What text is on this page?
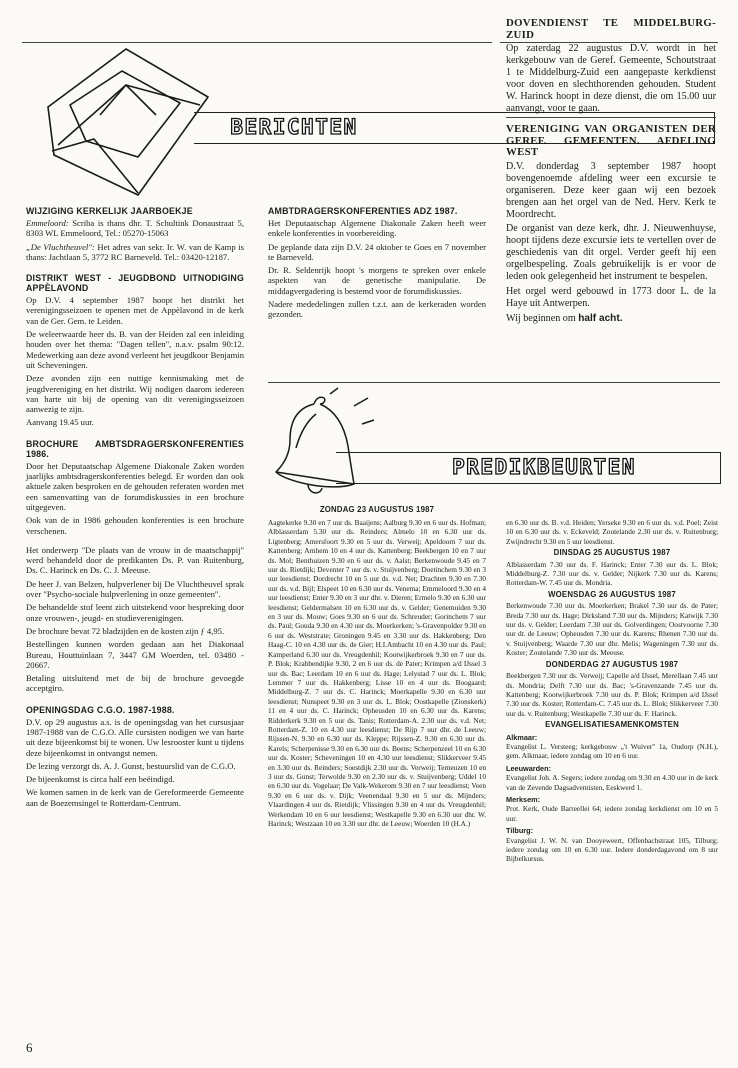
BERICHTEN
WIJZIGING KERKELIJK JAARBOEKJE

Emmeloord: Scriba is thans dhr. T. Schultink Donaustraat 5, 8303 WL Emmeloord, Tel.: 05270-15063

„De Vluchtheuvel": Het adres van sekr. Ir. W. van de Kamp is thans: Jachtlaan 5, 3772 RC Barneveld. Tel.: 03420-12187.

DISTRIKT WEST - JEUGDBOND UITNODIGING APPÈLAVOND

Op D.V. 4 september 1987 hoopt het distrikt het verenigingsseizoen te openen met de Appèlavond in de kerk van de Ger. Gem. te Leiden.

De weleerwaarde heer ds. B. van der Heiden zal een inleiding houden over het thema: "Dagen tellen", n.a.v. psalm 90:12. Medewerking aan deze avond verleent het jeugdkoor Benjamin uit Scheveningen.

Deze avonden zijn een nuttige kennismaking met de jeugdvereniging en het distrikt. Wij nodigen daarom iedereen van harte uit bij de opening van dit verenigingsseizoen aanwezig te zijn.

Aanvang 19.45 uur.

BROCHURE AMBTSDRAGERSKONFERENTIES 1986.

Door het Deputaatschap Algemene Diakonale Zaken worden jaarlijks ambtsdragerskonferenties belegd. Er worden dan ook aktuele zaken besproken en de gehouden referaten worden met een samenvatting van de forumdiskussies in een brochure uitgegeven.

Ook van de in 1986 gehouden konferenties is een brochure verschenen.

Het onderwerp "De plaats van de vrouw in de maatschappij" werd behandeld door de predikanten Ds. P. van Ruitenburg, Ds. C. Harinck en Ds. C. J. Meeuse.

De heer J. van Belzen, hulpverlener bij De Vluchtheuvel sprak over "Psycho-sociale hulpverlening in onze gemeenten".

De behandelde stof leent zich uitstekend voor bespreking door onze vrouwen-, jeugd- en studieverenigingen.

De brochure bevat 72 bladzijden en de kosten zijn ƒ 4,95.

Bestellingen kunnen worden gedaan aan het Diakonaal Bureau, Houttuinlaan 7, 3447 GM Woerden, tel. 03480 - 20667.

Betaling uitsluitend met de bij de brochure gevoegde acceptgiro.

OPENINGSDAG C.G.O. 1987-1988.

D.V. op 29 augustus a.s. is de openingsdag van het cursusjaar 1987-1988 van de C.G.O. Alle cursisten nodigen we van harte uit deze bijeenkomst bij te wonen. Uw lesrooster kunt u tijdens deze bijeenkomst in ontvangst nemen.

De lezing verzorgt ds. A. J. Gunst, bestuurslid van de C.G.O.

De bijeenkomst is circa half een beëindigd.

We komen samen in de kerk van de Gereformeerde Gemeente aan de Boezemsingel te Rotterdam-Centrum.

AMBTDRAGERSKONFERENTIES ADZ 1987.

Het Deputaatschap Algemene Diakonale Zaken heeft weer enkele konferenties in voorbereiding.

De geplande data zijn D.V. 24 oktober te Goes en 7 november te Barneveld.

Dr. R. Seldenrijk hoopt 's morgens te spreken over enkele aspekten van de genetische manipulatie. De middagvergadering is bestemd voor de forumdiskussies.

Nadere mededelingen zullen t.z.t. aan de kerkeraden worden gezonden.

DOVENDIENST TE MIDDELBURG-ZUID

Op zaterdag 22 augustus D.V. wordt in het kerkgebouw van de Geref. Gemeente, Schoutstraat 1 te Middelburg-Zuid een aangepaste kerkdienst voor doven en slechthorenden gehouden. Student W. Harinck hoopt in deze dienst, die om 15.00 uur aanvangt, voor te gaan.

VERENIGING VAN ORGANISTEN DER GEREF. GEMEENTEN. AFDELING WEST

D.V. donderdag 3 september 1987 hoopt bovengenoemde afdeling weer een excursie te organiseren. Deze keer gaan wij een bezoek brengen aan het orgel van de Ned. Herv. Kerk te Moordrecht.

De organist van deze kerk, dhr. J. Nieuwenhuyse, hoopt tijdens deze excursie iets te vertellen over de geschiedenis van dit orgel. Verder geeft hij een orgelbespeling. Zoals gebruikelijk is er voor de leden ook gelegenheid het instrument te bespelen.

Het orgel werd gebouwd in 1773 door L. de la Haye uit Antwerpen.

Wij beginnen om half acht.

PREDIKBEURTEN
ZONDAG 23 AUGUSTUS 1987

Aagtekerke 9.30 en 7 uur ds. Baaijens; Aalburg 9.30 en 6 uur ds. Hofman; Alblasserdam 5.30 uur ds. Reinders; Almelo 10 en 6.30 uur ds. Ligtenberg; Amersfoort 9.30 en 5 uur ds. Verweij; Apeldoorn 7 uur ds. Kattenberg; Arnhem 10 en 4 uur ds. Kattenberg; Beekbergen 10 en 7 uur ds. Mol; Benthuizen 9.30 en 6 uur ds. v. Aalst; Berkenwoude 9.45 en 7 uur ds. Rietdijk; Deventer 7 uur ds. v. Stuijvenberg; Doetinchem 9.30 en 3 uur leesdienst; Dordrecht 10 en 5 uur ds. v.d. Net; Drachten 9.30 en 7.30 uur ds. v.d. Bijl; Elspeet 10 en 6.30 uur ds. Venema; Emmeloord 9.30 en 4 uur leesdienst; Enter 9.30 en 3 uur dhr. v. Dieren; Ermelo 9.30 en 6.30 uur leesdienst; Geldermalsen 10 en 6.30 uur ds. v. Gelder; Genemuiden 9.30 en 3 uur ds. Mouw; Goes 9.30 en 6 uur ds. Schreuder; Gorinchem 7 uur ds. Paul; Gouda 9.30 en 4.30 uur ds. Moerkerken; 's-Gravenpolder 9.30 en 6 uur ds. Weststrate; Groningen 9.45 en 3.30 uur ds. Hakkenberg; Den Haag-C. 10 en 4.30 uur ds. de Gier; H.I.Ambacht 10 en 4.30 uur ds. Paul; Kamperland 6.30 uur ds. Vreugdenhil; Kootwijkerbroek 9.30 en 7 uur ds. P. Blok; Krabbendijke 9.30, 2 en 6 uur ds. de Pater; Krimpen a/d IJssel 3 uur ds. Bac; Leerdam 10 en 6 uur ds. Hage; Lelystad 7 uur ds. L. Blok; Lemmer 7 uur ds. Hakkenberg; Lisse 10 en 4 uur ds. Boogaard; Middelburg-Z. 7 uur ds. C. Harinck; Moerkapelle 9.30 en 6.30 uur leesdienst; Nunspeet 9.30 en 3 uur ds. L. Blok; Oostkapelle (Zionskerk) 11 en 4 uur ds. C. Harinck; Opheusden 10 en 6.30 uur ds. Karens; Ridderkerk 9.30 en 5 uur ds. Tanis; Rotterdam-A. 2.30 uur ds. v.d. Net; Rotterdam-Z. 10 en 4.30 uur leesdienst; De Rijp 7 uur dhr. de Leeuw; Rijssen-N. 9.30 en 6.30 uur ds. Kleppe; Rijssen-Z. 9.30 en 6.30 uur ds. Karels; Scherpenisse 9.30 en 6.30 uur ds. Beens; Scherpenzeel 10 en 6.30 uur ds. Koster; Scheveningen 10 en 4.30 uur leesdienst; Slikkerveer 9.45 en 3.30 uur ds. Reinders; Soestdijk 2.30 uur ds. Verweij; Terneuzen 10 en 3 uur ds. Gunst; Terwolde 9.30 en 2.30 uur ds. v. Stuijvenberg; Uddel 10 en 6.30 uur ds. Vogelaar; De Valk-Wekerom 9.30 en 7 uur leesdienst; Veen 9.30 en 6 uur ds. v. Dijk; Veenendaal 9.30 en 5 uur ds. Mijnders; Vlaardingen 4 uur ds. Rietdijk; Vlissingen 9.30 en 4 uur ds. Vreugdenhil; Werkendam 10 en 6 uur leesdienst; Westkapelle 9.30 en 6.30 uur dhr. W. Harinck; Westzaan 10 en 3.30 uur dhr. de Leeuw; Woerden 10 (H.A.)

en 6.30 uur ds. B. v.d. Heiden; Yerseke 9.30 en 6 uur ds. v.d. Poel; Zeist 10 en 6.30 uur ds. v. Eckeveld; Zoutelande 2.30 uur ds. v. Ruitenburg; Zwijndrecht 9.30 en 5 uur leesdienst.

DINSDAG 25 AUGUSTUS 1987

Alblasserdam 7.30 uur ds. F. Harinck; Enter 7.30 uur ds. L. Blok; Middelburg-Z. 7.30 uur ds. v. Gelder; Nijkerk 7.30 uur ds. Karens; Rotterdam-W. 7.45 uur ds. Mondria.

WOENSDAG 26 AUGUSTUS 1987

Berkenwoude 7.30 uur ds. Moerkerken; Brakel 7.30 uur ds. de Pater; Breda 7.30 uur ds. Hage; Dirksland 7.30 uur ds. Mijnders; Katwijk 7.30 uur ds. v. Gelder; Leerdam 7.30 uur ds. Golverdingen; Oostvoorne 7.30 uur dr. de Leeuw; Opheusden 7.30 uur ds. Karens; Rhenen 7.30 uur ds. v. Stuijvenberg; Waarde 7.30 uur dhr. Melis; Wageningen 7.30 uur ds. Koster; Zoutelande 7.30 uur ds. Meeuse.

DONDERDAG 27 AUGUSTUS 1987

Beekbergen 7.30 uur ds. Verweij; Capelle a/d IJssel, Merellaan 7.45 uur ds. Mondria; Delft 7.30 uur ds. Bac; 's-Gravenzande 7.45 uur ds. Kattenberg; Kootwijkerbroek 7.30 uur ds. P. Blok; Krimpen a/d IJssel 7.30 uur ds. Koster; Rotterdam-C. 7.45 uur ds. L. Blok; Slikkerveer 7.30 uur ds. v. Ruitenburg; Westkapelle 7.30 uur ds. F. Harinck.

EVANGELISATIESAMENKOMSTEN
Alkmaar:

Evangelist L. Versteeg; kerkgebouw „'t Wuiver" 1a, Oudorp (N.H.), gem. Alkmaar, iedere zondag om 10 en 6 uur.

Leeuwarden:

Evangelist Joh. A. Segers; iedere zondag om 9.30 en 4.30 uur in de kerk van de Zevende Dagsadventisten, Eeskwerd 1.

Merksem:

Prot. Kerk, Oude Barreellei 64; iedere zondag kerkdienst om 10 en 5 uur.

Tilburg:

Evangelist J. W. N. van Dooyeweert, Offenbachstraat 105, Tilburg; iedere zondag om 10 en 6.30 uur. Iedere donderdagavond om 8 uur Bijbelkursus.

6
